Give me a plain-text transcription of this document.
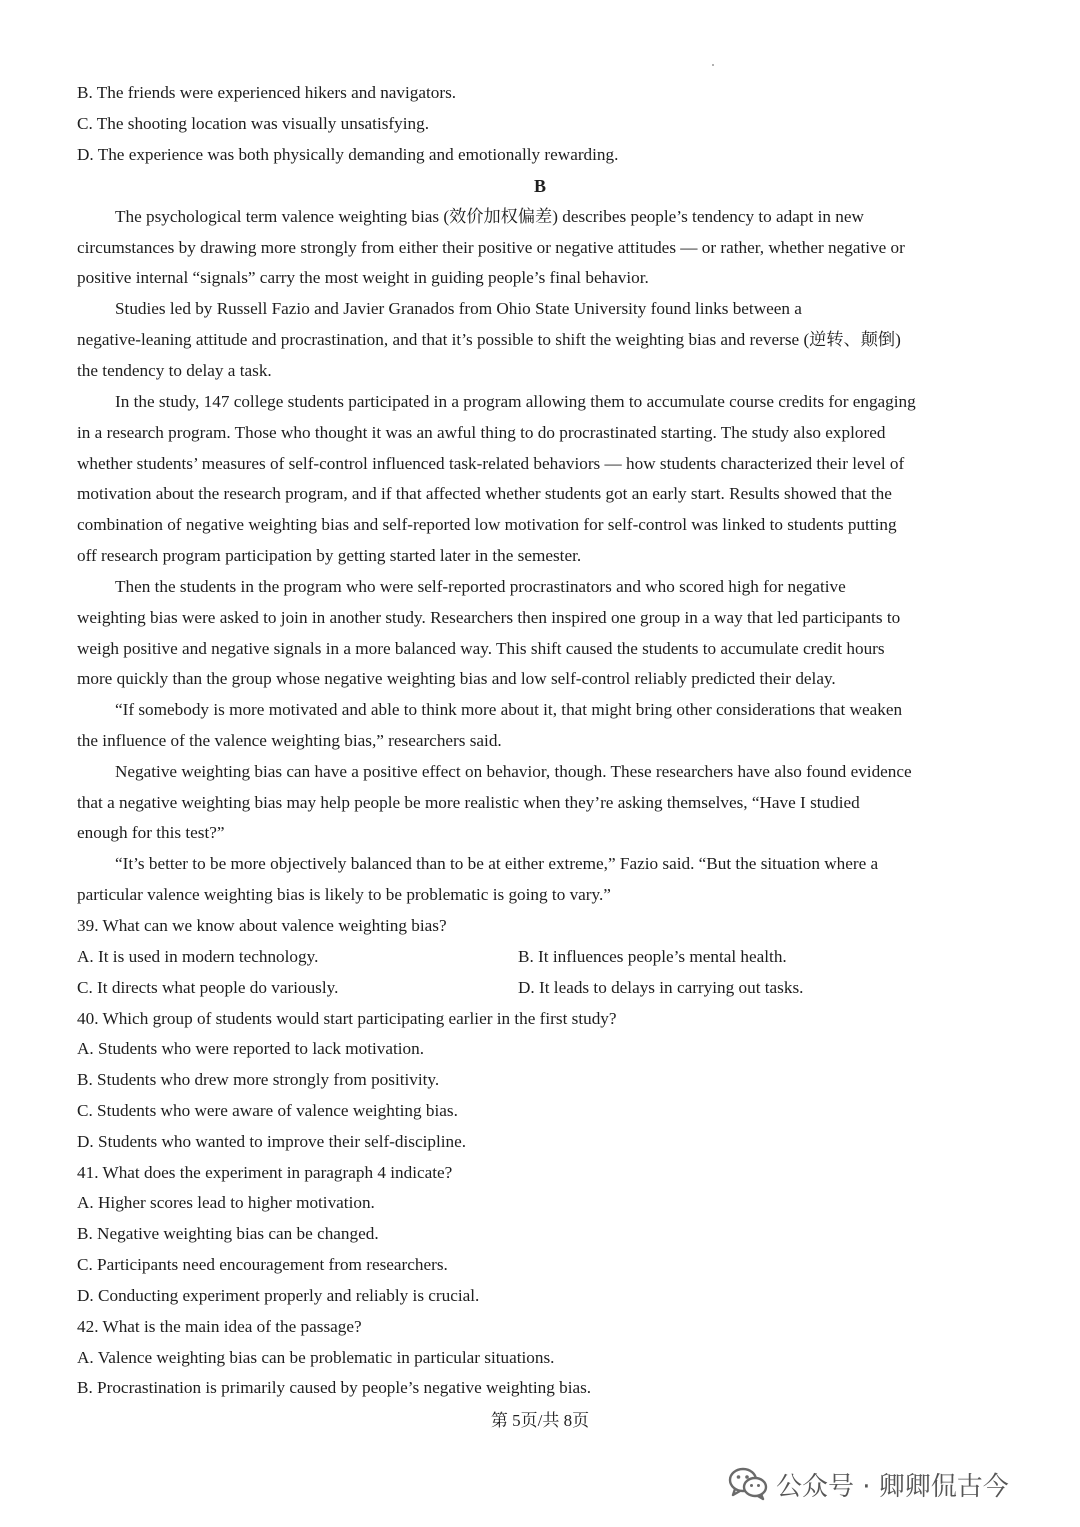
B. The friends were experienced hikers and navigators.
C. The shooting location was visually unsatisfying.
D. The experience was both physically demanding and emotionally rewarding.
B
The psychological term valence weighting bias (效价加权偏差) describes people’s tendency to adapt in new
circumstances by drawing more strongly from either their positive or negative attitudes — or rather, whether negative or
positive internal “signals” carry the most weight in guiding people’s final behavior.
Studies led by Russell Fazio and Javier Granados from Ohio State University found links between a
negative-leaning attitude and procrastination, and that it’s possible to shift the weighting bias and reverse (逆转、颠倒)
the tendency to delay a task.
In the study, 147 college students participated in a program allowing them to accumulate course credits for engaging
in a research program. Those who thought it was an awful thing to do procrastinated starting. The study also explored
whether students’ measures of self-control influenced task-related behaviors — how students characterized their level of
motivation about the research program, and if that affected whether students got an early start. Results showed that the
combination of negative weighting bias and self-reported low motivation for self-control was linked to students putting
off research program participation by getting started later in the semester.
Then the students in the program who were self-reported procrastinators and who scored high for negative
weighting bias were asked to join in another study. Researchers then inspired one group in a way that led participants to
weigh positive and negative signals in a more balanced way. This shift caused the students to accumulate credit hours
more quickly than the group whose negative weighting bias and low self-control reliably predicted their delay.
“If somebody is more motivated and able to think more about it, that might bring other considerations that weaken
the influence of the valence weighting bias,” researchers said.
Negative weighting bias can have a positive effect on behavior, though. These researchers have also found evidence
that a negative weighting bias may help people be more realistic when they’re asking themselves, “Have I studied
enough for this test?”
“It’s better to be more objectively balanced than to be at either extreme,” Fazio said. “But the situation where a
particular valence weighting bias is likely to be problematic is going to vary.”
39. What can we know about valence weighting bias?
A. It is used in modern technology.	B. It influences people’s mental health.
C. It directs what people do variously.	D. It leads to delays in carrying out tasks.
40. Which group of students would start participating earlier in the first study?
A. Students who were reported to lack motivation.
B. Students who drew more strongly from positivity.
C. Students who were aware of valence weighting bias.
D. Students who wanted to improve their self-discipline.
41. What does the experiment in paragraph 4 indicate?
A. Higher scores lead to higher motivation.
B. Negative weighting bias can be changed.
C. Participants need encouragement from researchers.
D. Conducting experiment properly and reliably is crucial.
42. What is the main idea of the passage?
A. Valence weighting bias can be problematic in particular situations.
B. Procrastination is primarily caused by people’s negative weighting bias.
第 5页/共 8页
公众号 · 卿卿侃古今
